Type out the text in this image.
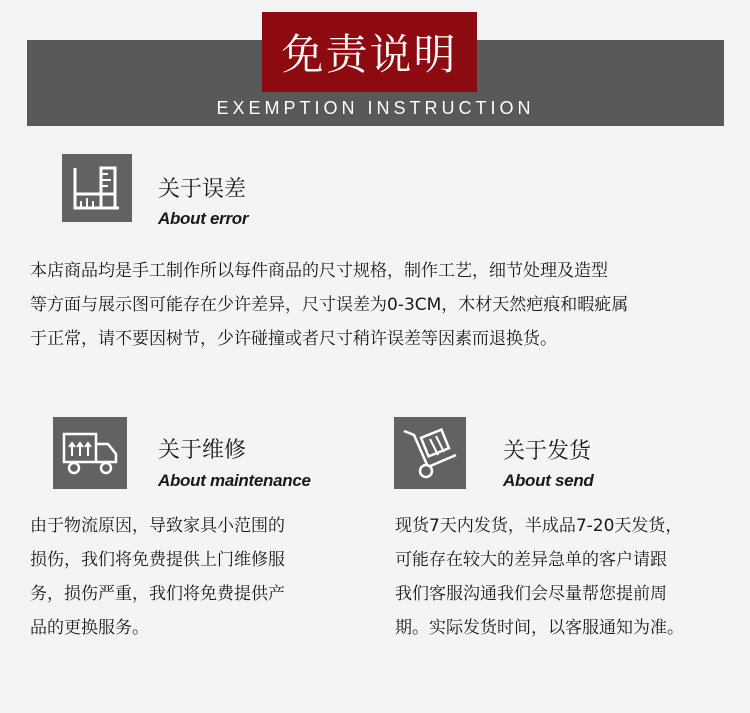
免责说明
EXEMPTION INSTRUCTION
关于误差
About error
本店商品均是手工制作所以每件商品的尺寸规格，制作工艺，细节处理及造型
等方面与展示图可能存在少许差异，尺寸误差为0-3CM，木材天然疤痕和暇疵属
于正常，请不要因树节，少许碰撞或者尺寸稍许误差等因素而退换货。
关于维修
About maintenance
由于物流原因，导致家具小范围的
损伤，我们将免费提供上门维修服
务，损伤严重，我们将免费提供产
品的更换服务。
关于发货
About send
现货7天内发货，半成品7-20天发货，
可能存在较大的差异急单的客户请跟
我们客服沟通我们会尽量帮您提前周
期。实际发货时间，以客服通知为准。
